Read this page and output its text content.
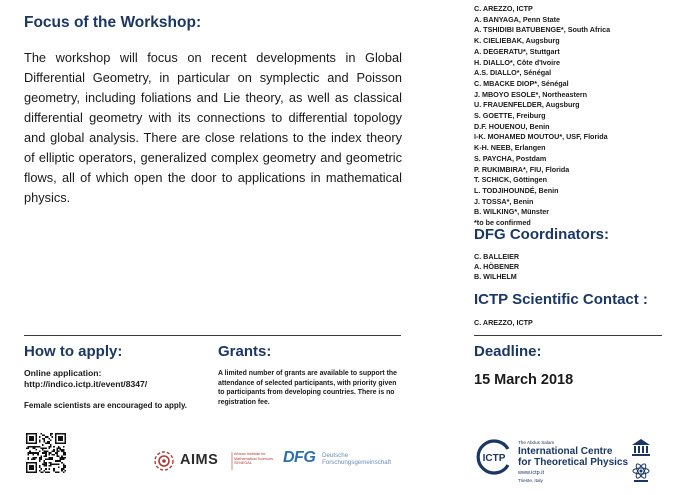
Focus of the Workshop:
The workshop will focus on recent developments in Global Differential Geometry, in particular on symplectic and Poisson geometry, including foliations and Lie theory, as well as classical differential geometry with its connections to differential topology and global analysis. There are close relations to the index theory of elliptic operators, generalized complex geometry and geometric flows, all of which open the door to applications in mathematical physics.
How to apply:
Online application:
http://indico.ictp.it/event/8347/
Female scientists are encouraged to apply.
Grants:
A limited number of grants are available to support the attendance of selected participants, with priority given to participants from developing countries. There is no registration fee.
C. AREZZO, ICTP
A. BANYAGA, Penn State
A. TSHIDIBI BATUBENGE*, South Africa
K. CIELIEBAK, Augsburg
A. DEGERATU*, Stuttgart
H. DIALLO*, Côte d'Ivoire
A.S. DIALLO*, Sénégal
C. MBACKE DIOP*, Sénégal
J. MBOYO ESOLE*, Northeastern
U. FRAUENFELDER, Augsburg
S. GOETTE, Freiburg
D.F. HOUENOU, Benin
I-K. MOHAMED MOUTOU*, USF, Florida
K-H. NEEB, Erlangen
S. PAYCHA, Postdam
P. RUKIMBIRA*, FIU, Florida
T. SCHICK, Göttingen
L. TODJIHOUNDÉ, Benin
J. TOSSA*, Benin
B. WILKING*, Münster
*to be confirmed
DFG Coordinators:
C. BALLEIER
A. HÖBENER
B. WILHELM
ICTP Scientific Contact :
C. AREZZO, ICTP
Deadline:
15 March 2018
AIMS	African Institute for Mathematical Sciences SENEGAL	DFG Deutsche Forschungsgemeinschaft	ICTP
The Abdus Salam
International Centre
for Theoretical Physics
www.ictp.it
Trieste, Italy
